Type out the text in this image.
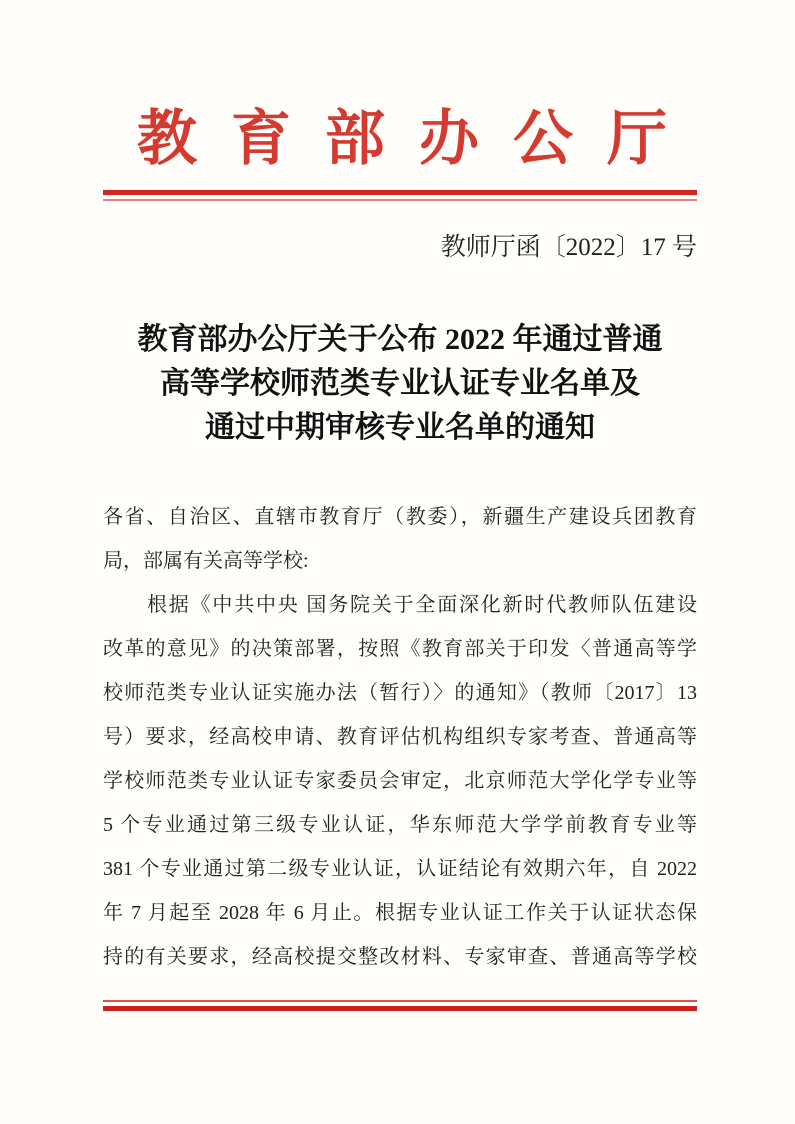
教育部办公厅
教师厅函〔2022〕17 号
教育部办公厅关于公布 2022 年通过普通
高等学校师范类专业认证专业名单及
通过中期审核专业名单的通知
各省、自治区、直辖市教育厅（教委），新疆生产建设兵团教育
局，部属有关高等学校:
根据《中共中央 国务院关于全面深化新时代教师队伍建设
改革的意见》的决策部署，按照《教育部关于印发〈普通高等学
校师范类专业认证实施办法（暂行）〉的通知》（教师〔2017〕13
号）要求，经高校申请、教育评估机构组织专家考查、普通高等
学校师范类专业认证专家委员会审定，北京师范大学化学专业等
5 个专业通过第三级专业认证，华东师范大学学前教育专业等
381 个专业通过第二级专业认证，认证结论有效期六年，自 2022
年 7 月起至 2028 年 6 月止。根据专业认证工作关于认证状态保
持的有关要求，经高校提交整改材料、专家审查、普通高等学校
